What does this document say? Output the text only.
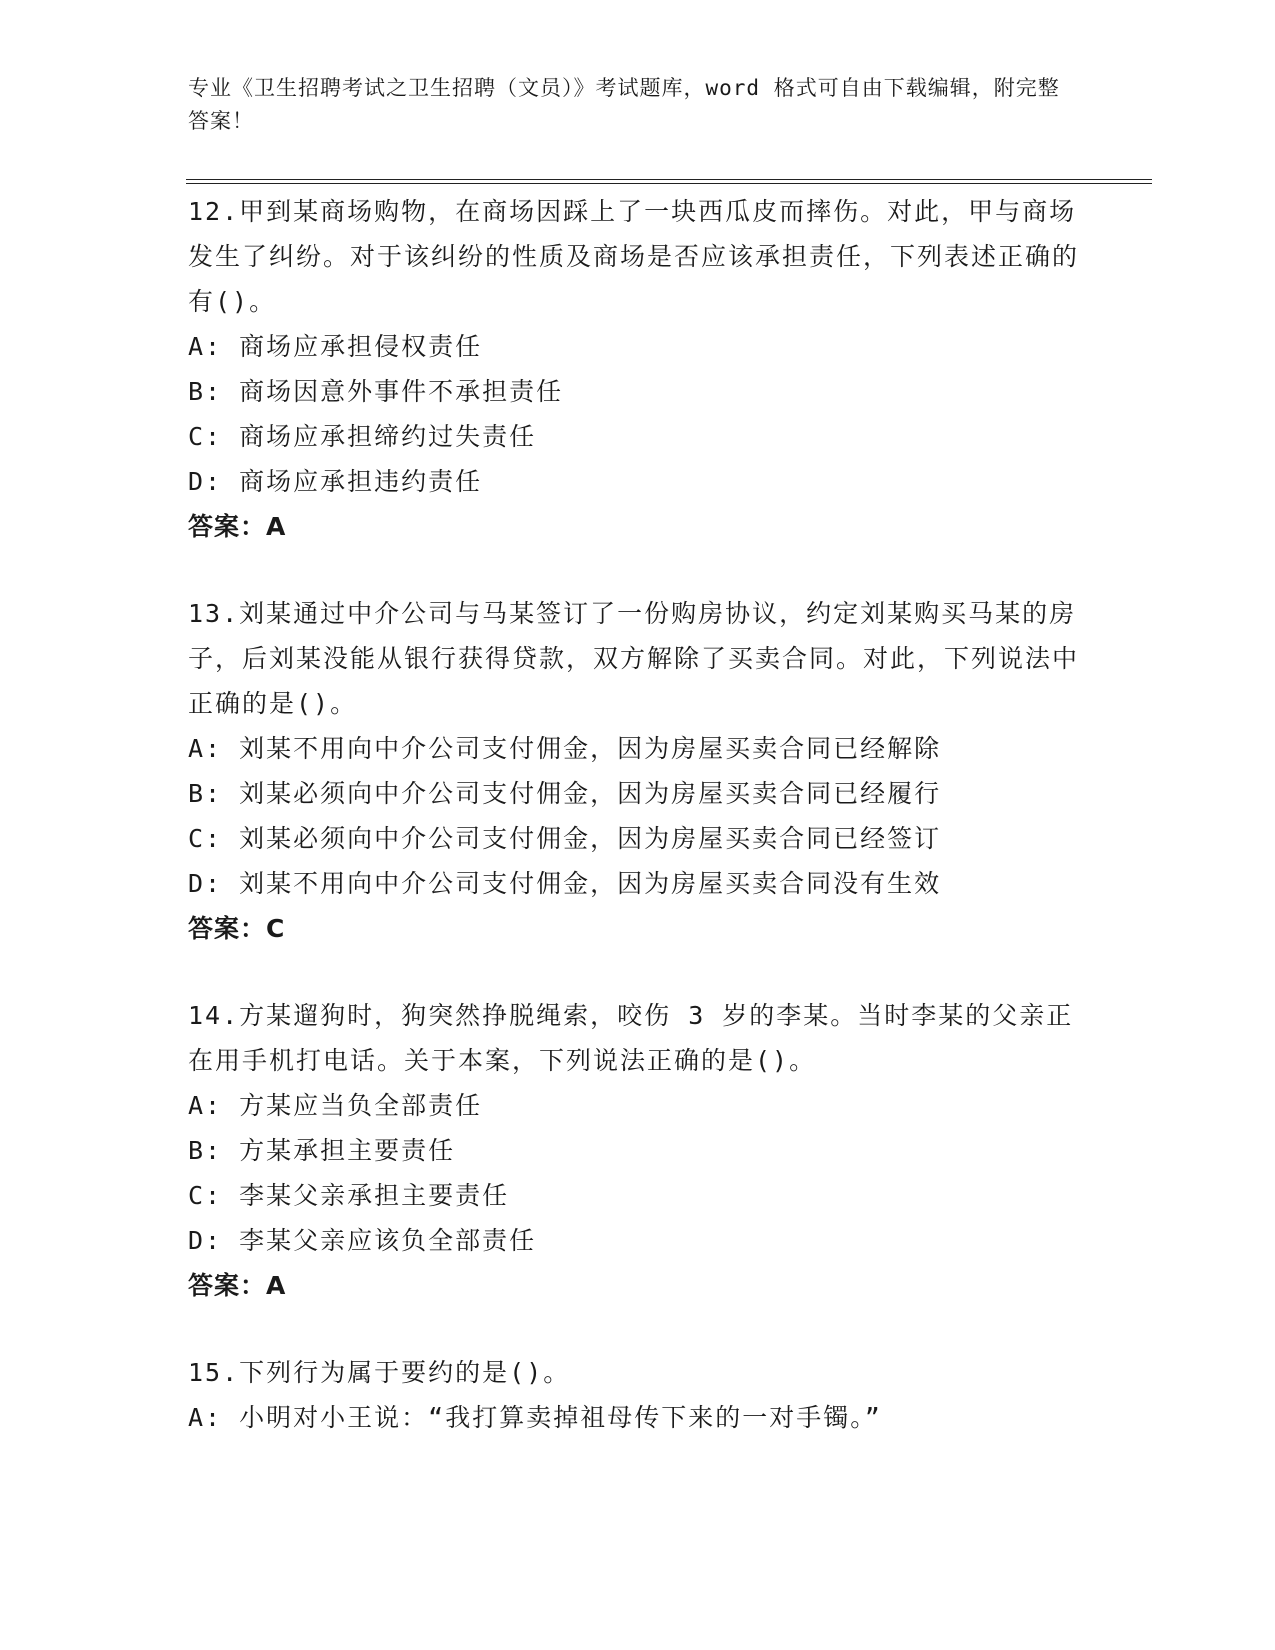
专业《卫生招聘考试之卫生招聘（文员）》考试题库，word 格式可自由下载编辑，附完整答案！

12.甲到某商场购物，在商场因踩上了一块西瓜皮而摔伤。对此，甲与商场发生了纠纷。对于该纠纷的性质及商场是否应该承担责任，下列表述正确的有()。

A: 商场应承担侵权责任

B: 商场因意外事件不承担责任

C: 商场应承担缔约过失责任

D: 商场应承担违约责任

答案：A

13.刘某通过中介公司与马某签订了一份购房协议，约定刘某购买马某的房子，后刘某没能从银行获得贷款，双方解除了买卖合同。对此，下列说法中正确的是()。

A: 刘某不用向中介公司支付佣金，因为房屋买卖合同已经解除

B: 刘某必须向中介公司支付佣金，因为房屋买卖合同已经履行

C: 刘某必须向中介公司支付佣金，因为房屋买卖合同已经签订

D: 刘某不用向中介公司支付佣金，因为房屋买卖合同没有生效

答案：C

14.方某遛狗时，狗突然挣脱绳索，咬伤 3 岁的李某。当时李某的父亲正在用手机打电话。关于本案，下列说法正确的是()。

A: 方某应当负全部责任

B: 方某承担主要责任

C: 李某父亲承担主要责任

D: 李某父亲应该负全部责任

答案：A

15.下列行为属于要约的是()。

A: 小明对小王说：“我打算卖掉祖母传下来的一对手镯。”
